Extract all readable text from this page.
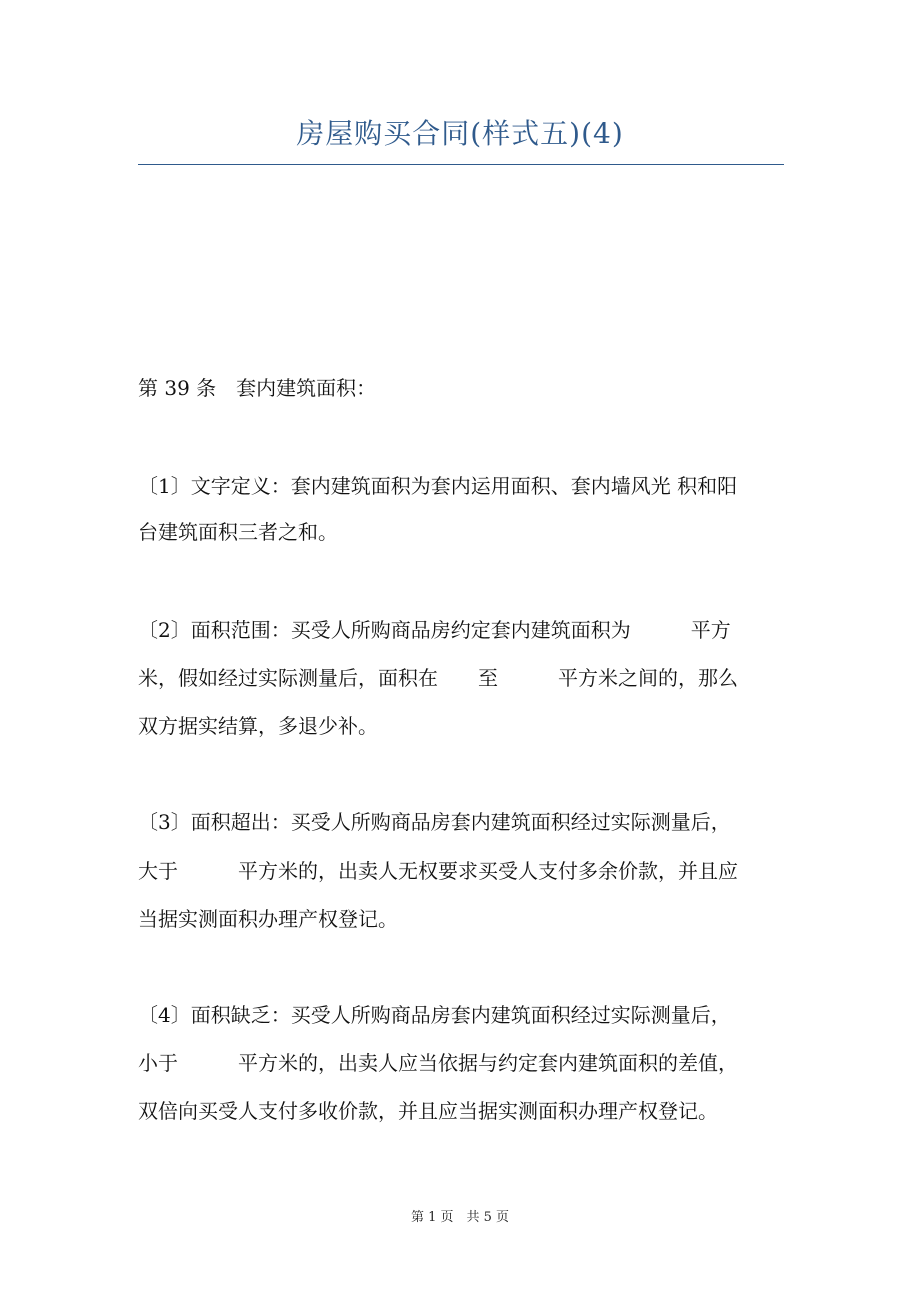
房屋购买合同(样式五)(4)
第 39 条　套内建筑面积：
〔1〕文字定义：套内建筑面积为套内运用面积、套内墙风光 积和阳
台建筑面积三者之和。
〔2〕面积范围：买受人所购商品房约定套内建筑面积为　　　平方
米，假如经过实际测量后，面积在　　至　　　平方米之间的，那么
双方据实结算，多退少补。
〔3〕面积超出：买受人所购商品房套内建筑面积经过实际测量后，
大于　　　平方米的，出卖人无权要求买受人支付多余价款，并且应
当据实测面积办理产权登记。
〔4〕面积缺乏：买受人所购商品房套内建筑面积经过实际测量后，
小于　　　平方米的，出卖人应当依据与约定套内建筑面积的差值，
双倍向买受人支付多收价款，并且应当据实测面积办理产权登记。
第 1 页　共 5 页
